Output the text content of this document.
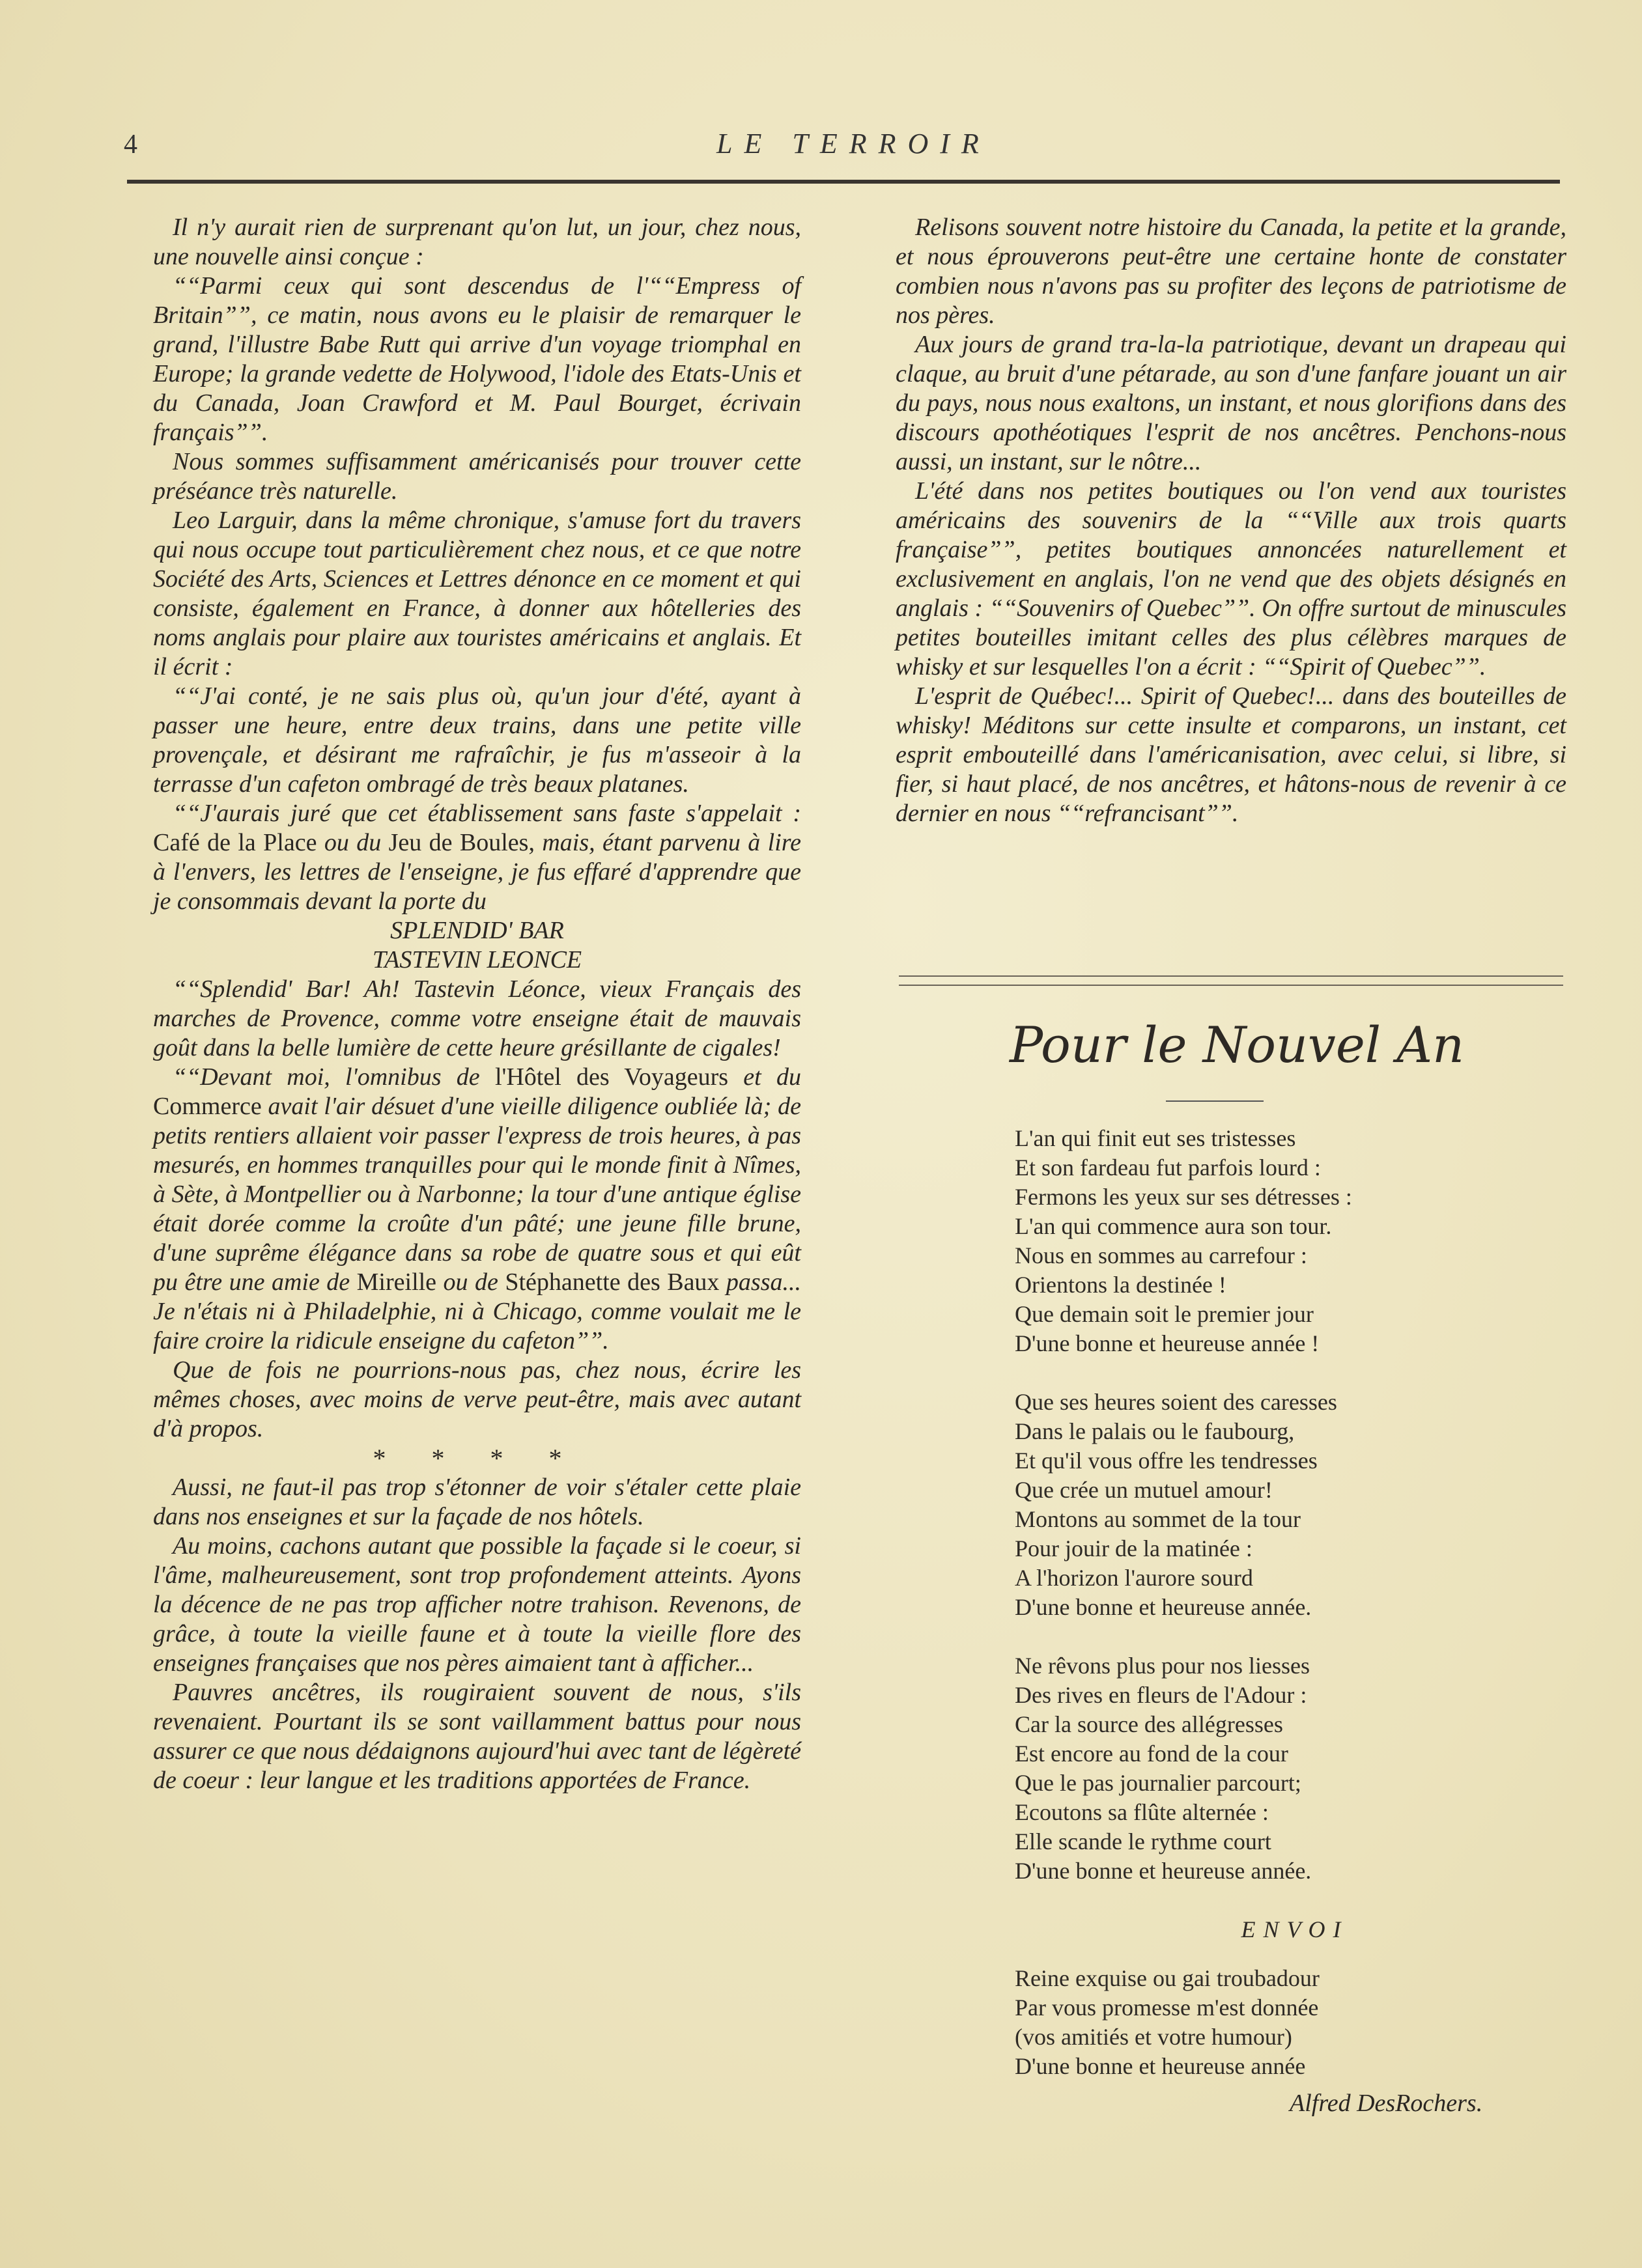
4	LE TERROIR

Il n'y aurait rien de surprenant qu'on lut, un jour, chez nous, une nouvelle ainsi conçue :

““Parmi ceux qui sont descendus de l'““Empress of Britain””, ce matin, nous avons eu le plaisir de remarquer le grand, l'illustre Babe Rutt qui arrive d'un voyage triomphal en Europe; la grande vedette de Holywood, l'idole des Etats-Unis et du Canada, Joan Crawford et M. Paul Bourget, écrivain français””.

Nous sommes suffisamment américanisés pour trouver cette préséance très naturelle.

Leo Larguir, dans la même chronique, s'amuse fort du travers qui nous occupe tout particulièrement chez nous, et ce que notre Société des Arts, Sciences et Lettres dénonce en ce moment et qui consiste, également en France, à donner aux hôtelleries des noms anglais pour plaire aux touristes américains et anglais. Et il écrit :

““J'ai conté, je ne sais plus où, qu'un jour d'été, ayant à passer une heure, entre deux trains, dans une petite ville provençale, et désirant me rafraîchir, je fus m'asseoir à la terrasse d'un cafeton ombragé de très beaux platanes.

““J'aurais juré que cet établissement sans faste s'appelait : Café de la Place ou du Jeu de Boules, mais, étant parvenu à lire à l'envers, les lettres de l'enseigne, je fus effaré d'apprendre que je consommais devant la porte du

SPLENDID' BAR

TASTEVIN LEONCE

““Splendid' Bar! Ah! Tastevin Léonce, vieux Français des marches de Provence, comme votre enseigne était de mauvais goût dans la belle lumière de cette heure grésillante de cigales!

““Devant moi, l'omnibus de l'Hôtel des Voyageurs et du Commerce avait l'air désuet d'une vieille diligence oubliée là; de petits rentiers allaient voir passer l'express de trois heures, à pas mesurés, en hommes tranquilles pour qui le monde finit à Nîmes, à Sète, à Montpellier ou à Narbonne; la tour d'une antique église était dorée comme la croûte d'un pâté; une jeune fille brune, d'une suprême élégance dans sa robe de quatre sous et qui eût pu être une amie de Mireille ou de Stéphanette des Baux passa... Je n'étais ni à Philadelphie, ni à Chicago, comme voulait me le faire croire la ridicule enseigne du cafeton””.

Que de fois ne pourrions-nous pas, chez nous, écrire les mêmes choses, avec moins de verve peut-être, mais avec autant d'à propos.

* * * *

Aussi, ne faut-il pas trop s'étonner de voir s'étaler cette plaie dans nos enseignes et sur la façade de nos hôtels.

Au moins, cachons autant que possible la façade si le coeur, si l'âme, malheureusement, sont trop profondement atteints. Ayons la décence de ne pas trop afficher notre trahison. Revenons, de grâce, à toute la vieille faune et à toute la vieille flore des enseignes françaises que nos pères aimaient tant à afficher...

Pauvres ancêtres, ils rougiraient souvent de nous, s'ils revenaient. Pourtant ils se sont vaillamment battus pour nous assurer ce que nous dédaignons aujourd'hui avec tant de légèreté de coeur : leur langue et les traditions apportées de France.

Relisons souvent notre histoire du Canada, la petite et la grande, et nous éprouverons peut-être une certaine honte de constater combien nous n'avons pas su profiter des leçons de patriotisme de nos pères.

Aux jours de grand tra-la-la patriotique, devant un drapeau qui claque, au bruit d'une pétarade, au son d'une fanfare jouant un air du pays, nous nous exaltons, un instant, et nous glorifions dans des discours apothéotiques l'esprit de nos ancêtres. Penchons-nous aussi, un instant, sur le nôtre...

L'été dans nos petites boutiques ou l'on vend aux touristes américains des souvenirs de la ““Ville aux trois quarts française””, petites boutiques annoncées naturellement et exclusivement en anglais, l'on ne vend que des objets désignés en anglais : ““Souvenirs of Quebec””. On offre surtout de minuscules petites bouteilles imitant celles des plus célèbres marques de whisky et sur lesquelles l'on a écrit : ““Spirit of Quebec””.

L'esprit de Québec!... Spirit of Quebec!... dans des bouteilles de whisky! Méditons sur cette insulte et comparons, un instant, cet esprit embouteillé dans l'américanisation, avec celui, si libre, si fier, si haut placé, de nos ancêtres, et hâtons-nous de revenir à ce dernier en nous ““refrancisant””.

Pour le Nouvel An
L'an qui finit eut ses tristesses
Et son fardeau fut parfois lourd :
Fermons les yeux sur ses détresses :
L'an qui commence aura son tour.
Nous en sommes au carrefour :
Orientons la destinée !
Que demain soit le premier jour
D'une bonne et heureuse année !
Que ses heures soient des caresses
Dans le palais ou le faubourg,
Et qu'il vous offre les tendresses
Que crée un mutuel amour!
Montons au sommet de la tour
Pour jouir de la matinée :
A l'horizon l'aurore sourd
D'une bonne et heureuse année.
Ne rêvons plus pour nos liesses
Des rives en fleurs de l'Adour :
Car la source des allégresses
Est encore au fond de la cour
Que le pas journalier parcourt;
Ecoutons sa flûte alternée :
Elle scande le rythme court
D'une bonne et heureuse année.

ENVOI

Reine exquise ou gai troubadour
Par vous promesse m'est donnée
(vos amitiés et votre humour)
D'une bonne et heureuse année
Alfred DesRochers.
